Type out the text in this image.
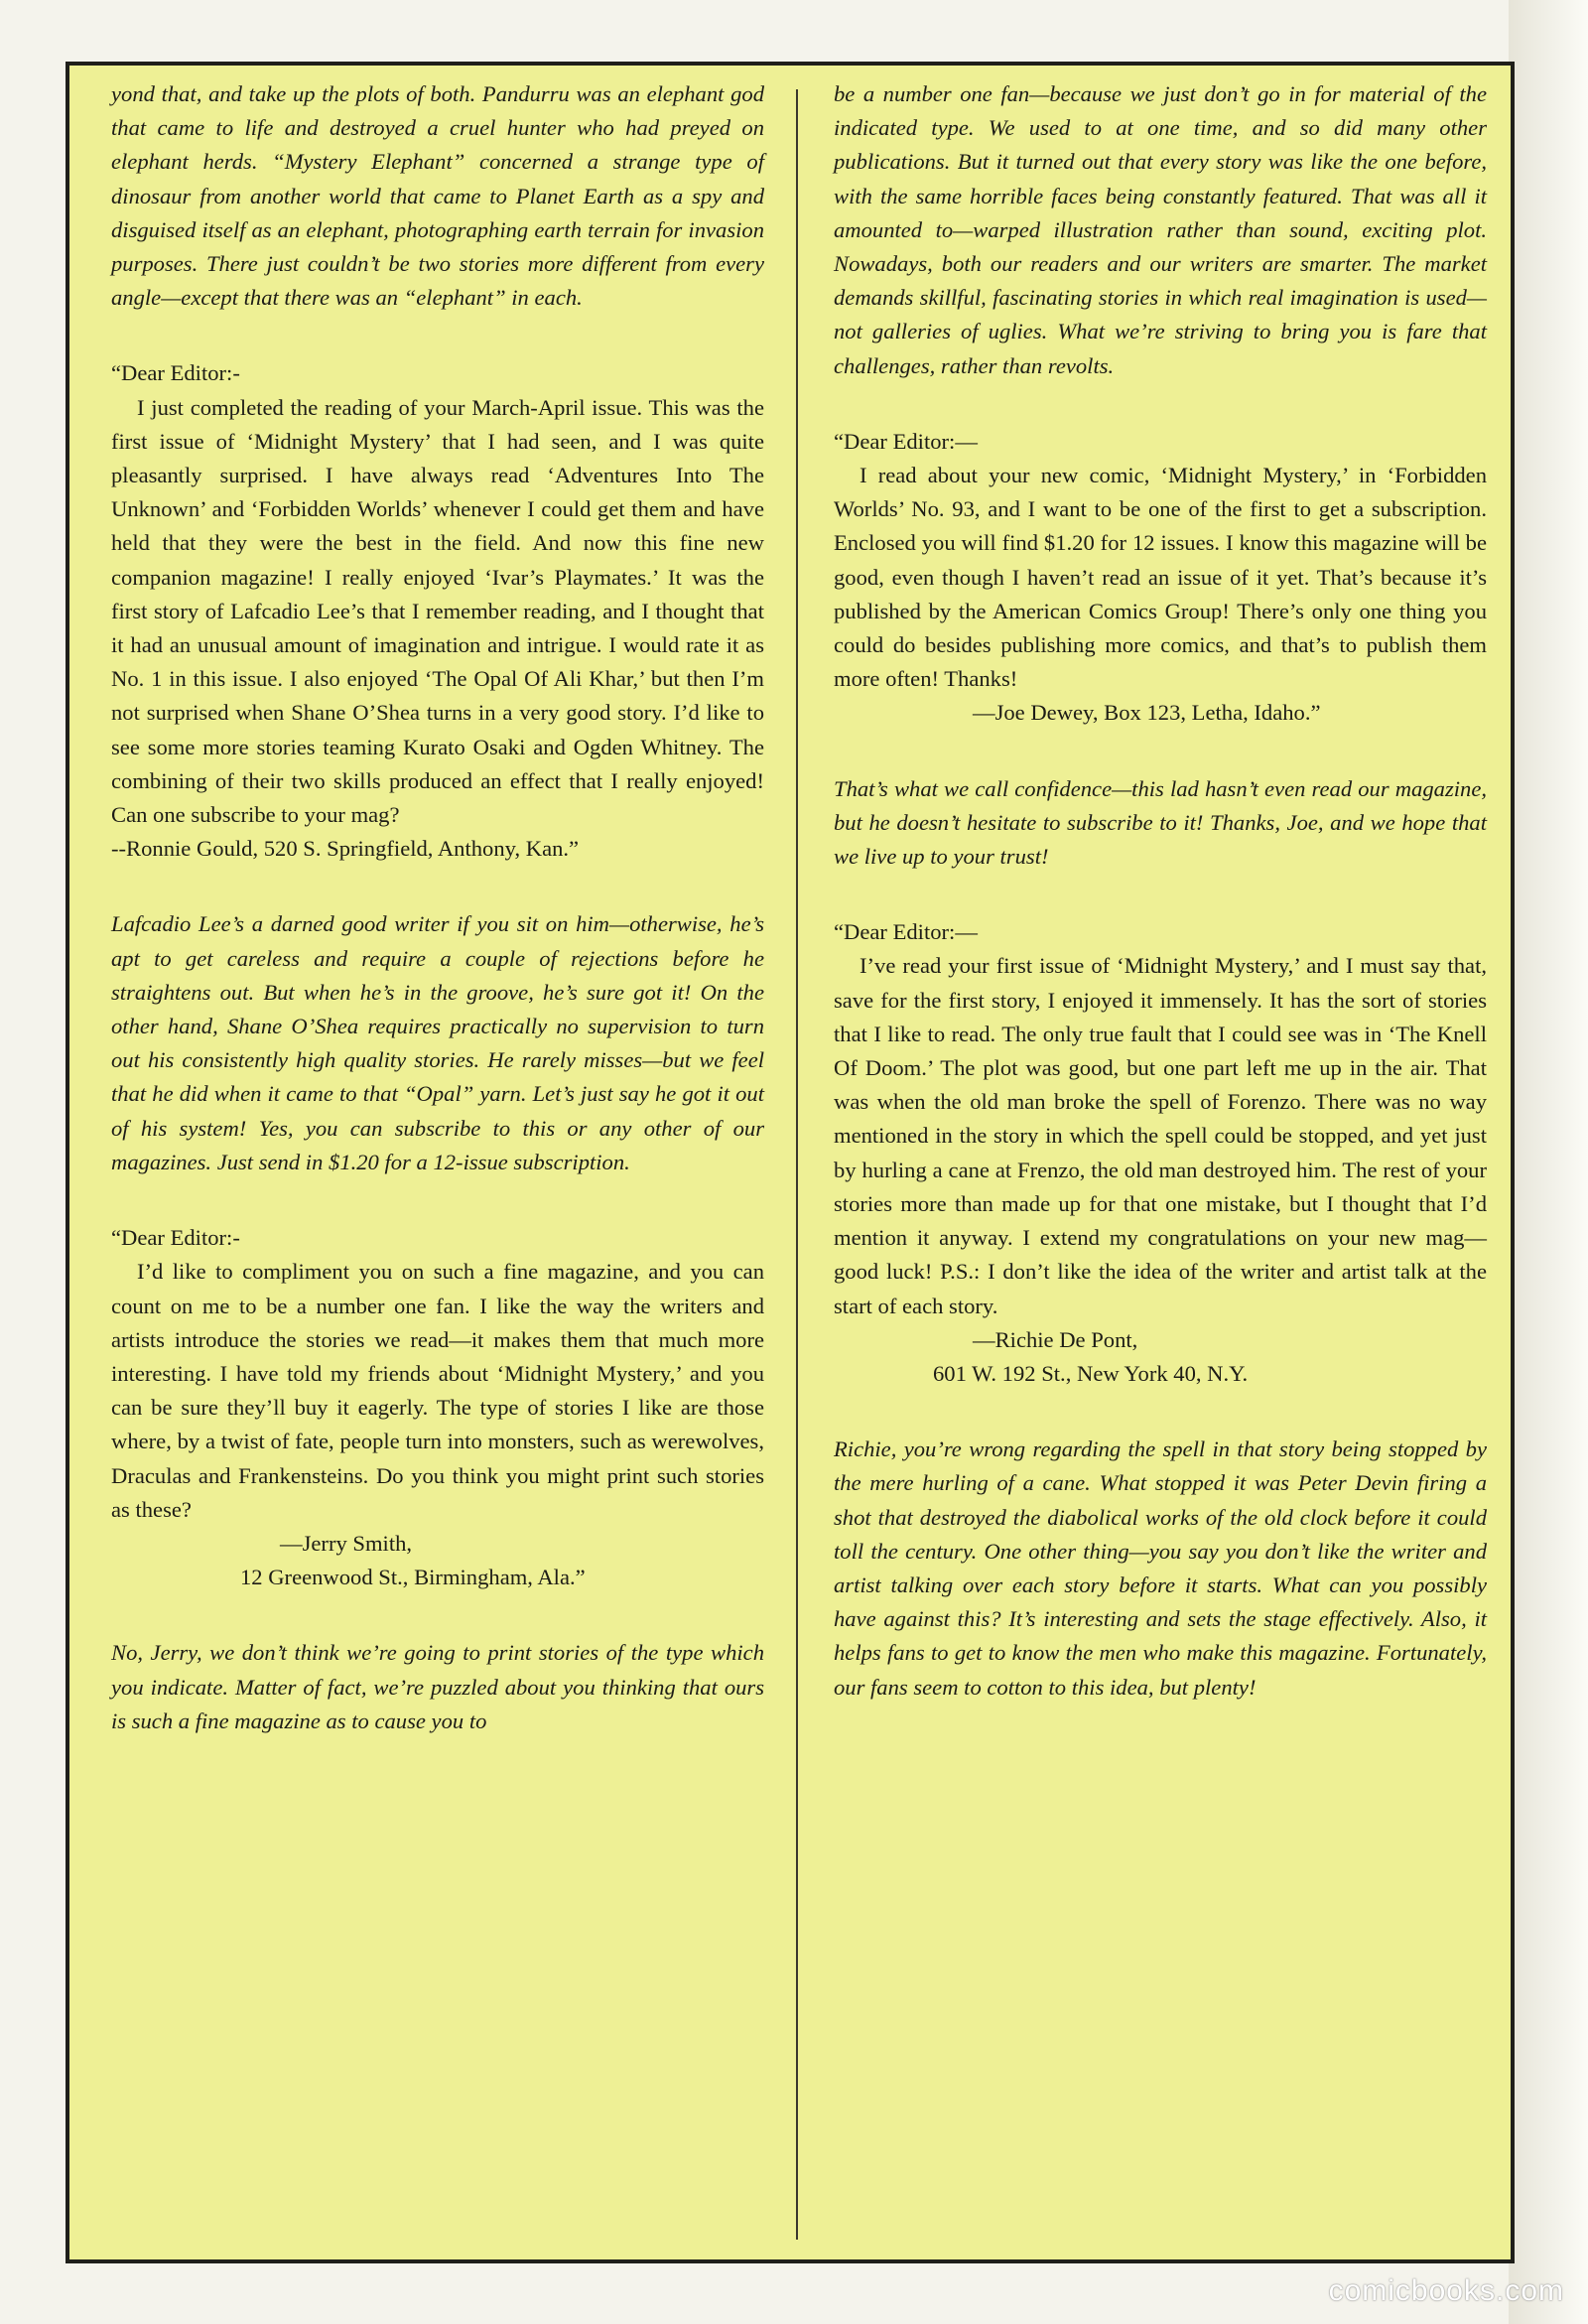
yond that, and take up the plots of both. Pandurru was an elephant god that came to life and destroyed a cruel hunter who had preyed on elephant herds. “Mystery Elephant” concerned a strange type of dinosaur from another world that came to Planet Earth as a spy and disguised itself as an elephant, photographing earth terrain for invasion purposes. There just couldn’t be two stories more different from every angle—except that there was an “elephant” in each.

“Dear Editor:-

I just completed the reading of your March-April issue. This was the first issue of ‘Midnight Mystery’ that I had seen, and I was quite pleasantly surprised. I have always read ‘Adventures Into The Unknown’ and ‘Forbidden Worlds’ whenever I could get them and have held that they were the best in the field. And now this fine new companion magazine! I really enjoyed ‘Ivar’s Playmates.’ It was the first story of Lafcadio Lee’s that I remember reading, and I thought that it had an unusual amount of imagination and intrigue. I would rate it as No. 1 in this issue. I also enjoyed ‘The Opal Of Ali Khar,’ but then I’m not surprised when Shane O’Shea turns in a very good story. I’d like to see some more stories teaming Kurato Osaki and Ogden Whitney. The combining of their two skills produced an effect that I really enjoyed! Can one subscribe to your mag?

--Ronnie Gould, 520 S. Springfield, Anthony, Kan.”

Lafcadio Lee’s a darned good writer if you sit on him—otherwise, he’s apt to get careless and require a couple of rejections before he straightens out. But when he’s in the groove, he’s sure got it! On the other hand, Shane O’Shea requires practically no supervision to turn out his consistently high quality stories. He rarely misses—but we feel that he did when it came to that “Opal” yarn. Let’s just say he got it out of his system! Yes, you can subscribe to this or any other of our magazines. Just send in $1.20 for a 12-issue subscription.

“Dear Editor:-

I’d like to compliment you on such a fine magazine, and you can count on me to be a number one fan. I like the way the writers and artists introduce the stories we read—it makes them that much more interesting. I have told my friends about ‘Midnight Mystery,’ and you can be sure they’ll buy it eagerly. The type of stories I like are those where, by a twist of fate, people turn into monsters, such as werewolves, Draculas and Frankensteins. Do you think you might print such stories as these?

—Jerry Smith,

12 Greenwood St., Birmingham, Ala.”

No, Jerry, we don’t think we’re going to print stories of the type which you indicate. Matter of fact, we’re puzzled about you thinking that ours is such a fine magazine as to cause you to

be a number one fan—because we just don’t go in for material of the indicated type. We used to at one time, and so did many other publications. But it turned out that every story was like the one before, with the same horrible faces being constantly featured. That was all it amounted to—warped illustration rather than sound, exciting plot. Nowadays, both our readers and our writers are smarter. The market demands skillful, fascinating stories in which real imagination is used—not galleries of uglies. What we’re striving to bring you is fare that challenges, rather than revolts.

“Dear Editor:—

I read about your new comic, ‘Midnight Mystery,’ in ‘Forbidden Worlds’ No. 93, and I want to be one of the first to get a subscription. Enclosed you will find $1.20 for 12 issues. I know this magazine will be good, even though I haven’t read an issue of it yet. That’s because it’s published by the American Comics Group! There’s only one thing you could do besides publishing more comics, and that’s to publish them more often! Thanks!

—Joe Dewey, Box 123, Letha, Idaho.”

That’s what we call confidence—this lad hasn’t even read our magazine, but he doesn’t hesitate to subscribe to it! Thanks, Joe, and we hope that we live up to your trust!

“Dear Editor:—

I’ve read your first issue of ‘Midnight Mystery,’ and I must say that, save for the first story, I enjoyed it immensely. It has the sort of stories that I like to read. The only true fault that I could see was in ‘The Knell Of Doom.’ The plot was good, but one part left me up in the air. That was when the old man broke the spell of Forenzo. There was no way mentioned in the story in which the spell could be stopped, and yet just by hurling a cane at Frenzo, the old man destroyed him. The rest of your stories more than made up for that one mistake, but I thought that I’d mention it anyway. I extend my congratulations on your new mag—good luck! P.S.: I don’t like the idea of the writer and artist talk at the start of each story.

—Richie De Pont,

601 W. 192 St., New York 40, N.Y.

Richie, you’re wrong regarding the spell in that story being stopped by the mere hurling of a cane. What stopped it was Peter Devin firing a shot that destroyed the diabolical works of the old clock before it could toll the century. One other thing—you say you don’t like the writer and artist talking over each story before it starts. What can you possibly have against this? It’s interesting and sets the stage effectively. Also, it helps fans to get to know the men who make this magazine. Fortunately, our fans seem to cotton to this idea, but plenty!

comicbooks.com
